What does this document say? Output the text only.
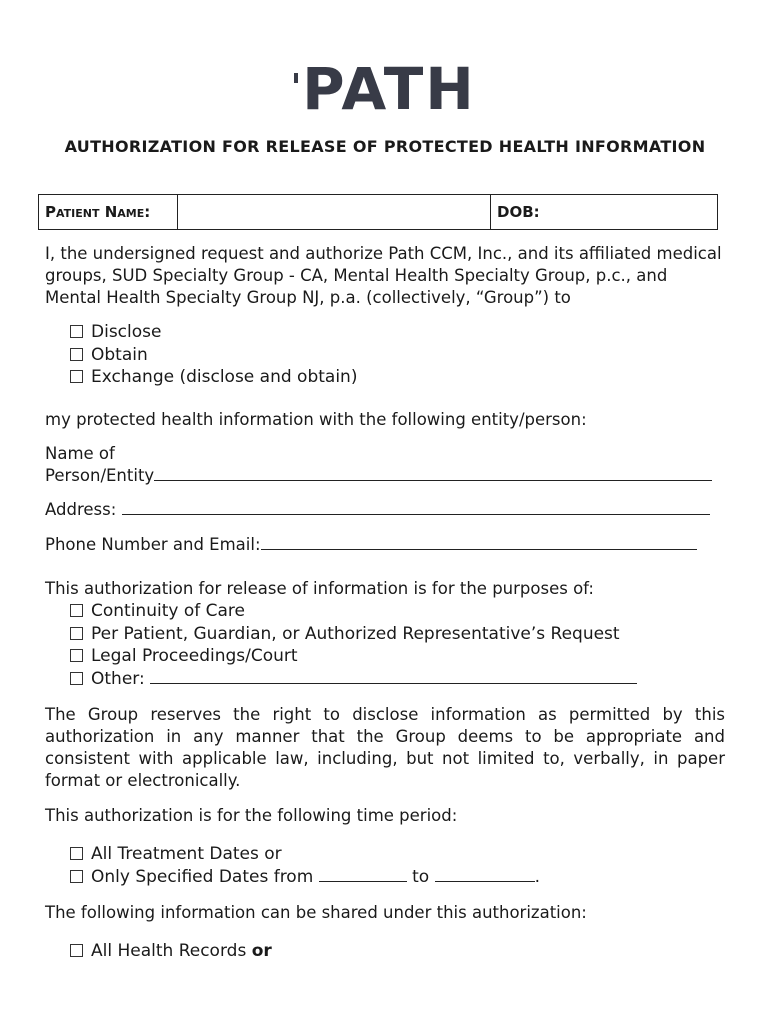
PATH
AUTHORIZATION FOR RELEASE OF PROTECTED HEALTH INFORMATION
Patient Name:		DOB:
I, the undersigned request and authorize Path CCM, Inc., and its affiliated medical groups, SUD Specialty Group - CA, Mental Health Specialty Group, p.c., and Mental Health Specialty Group NJ, p.a. (collectively, “Group”) to
Disclose
Obtain
Exchange (disclose and obtain)
my protected health information with the following entity/person:
Name of
Person/Entity
Address:
Phone Number and Email:
This authorization for release of information is for the purposes of:
Continuity of Care
Per Patient, Guardian, or Authorized Representative’s Request
Legal Proceedings/Court
Other:
The Group reserves the right to disclose information as permitted by this authorization in any manner that the Group deems to be appropriate and consistent with applicable law, including, but not limited to, verbally, in paper format or electronically.
This authorization is for the following time period:
All Treatment Dates or
Only Specified Dates from	to	.
The following information can be shared under this authorization:
All Health Records or
